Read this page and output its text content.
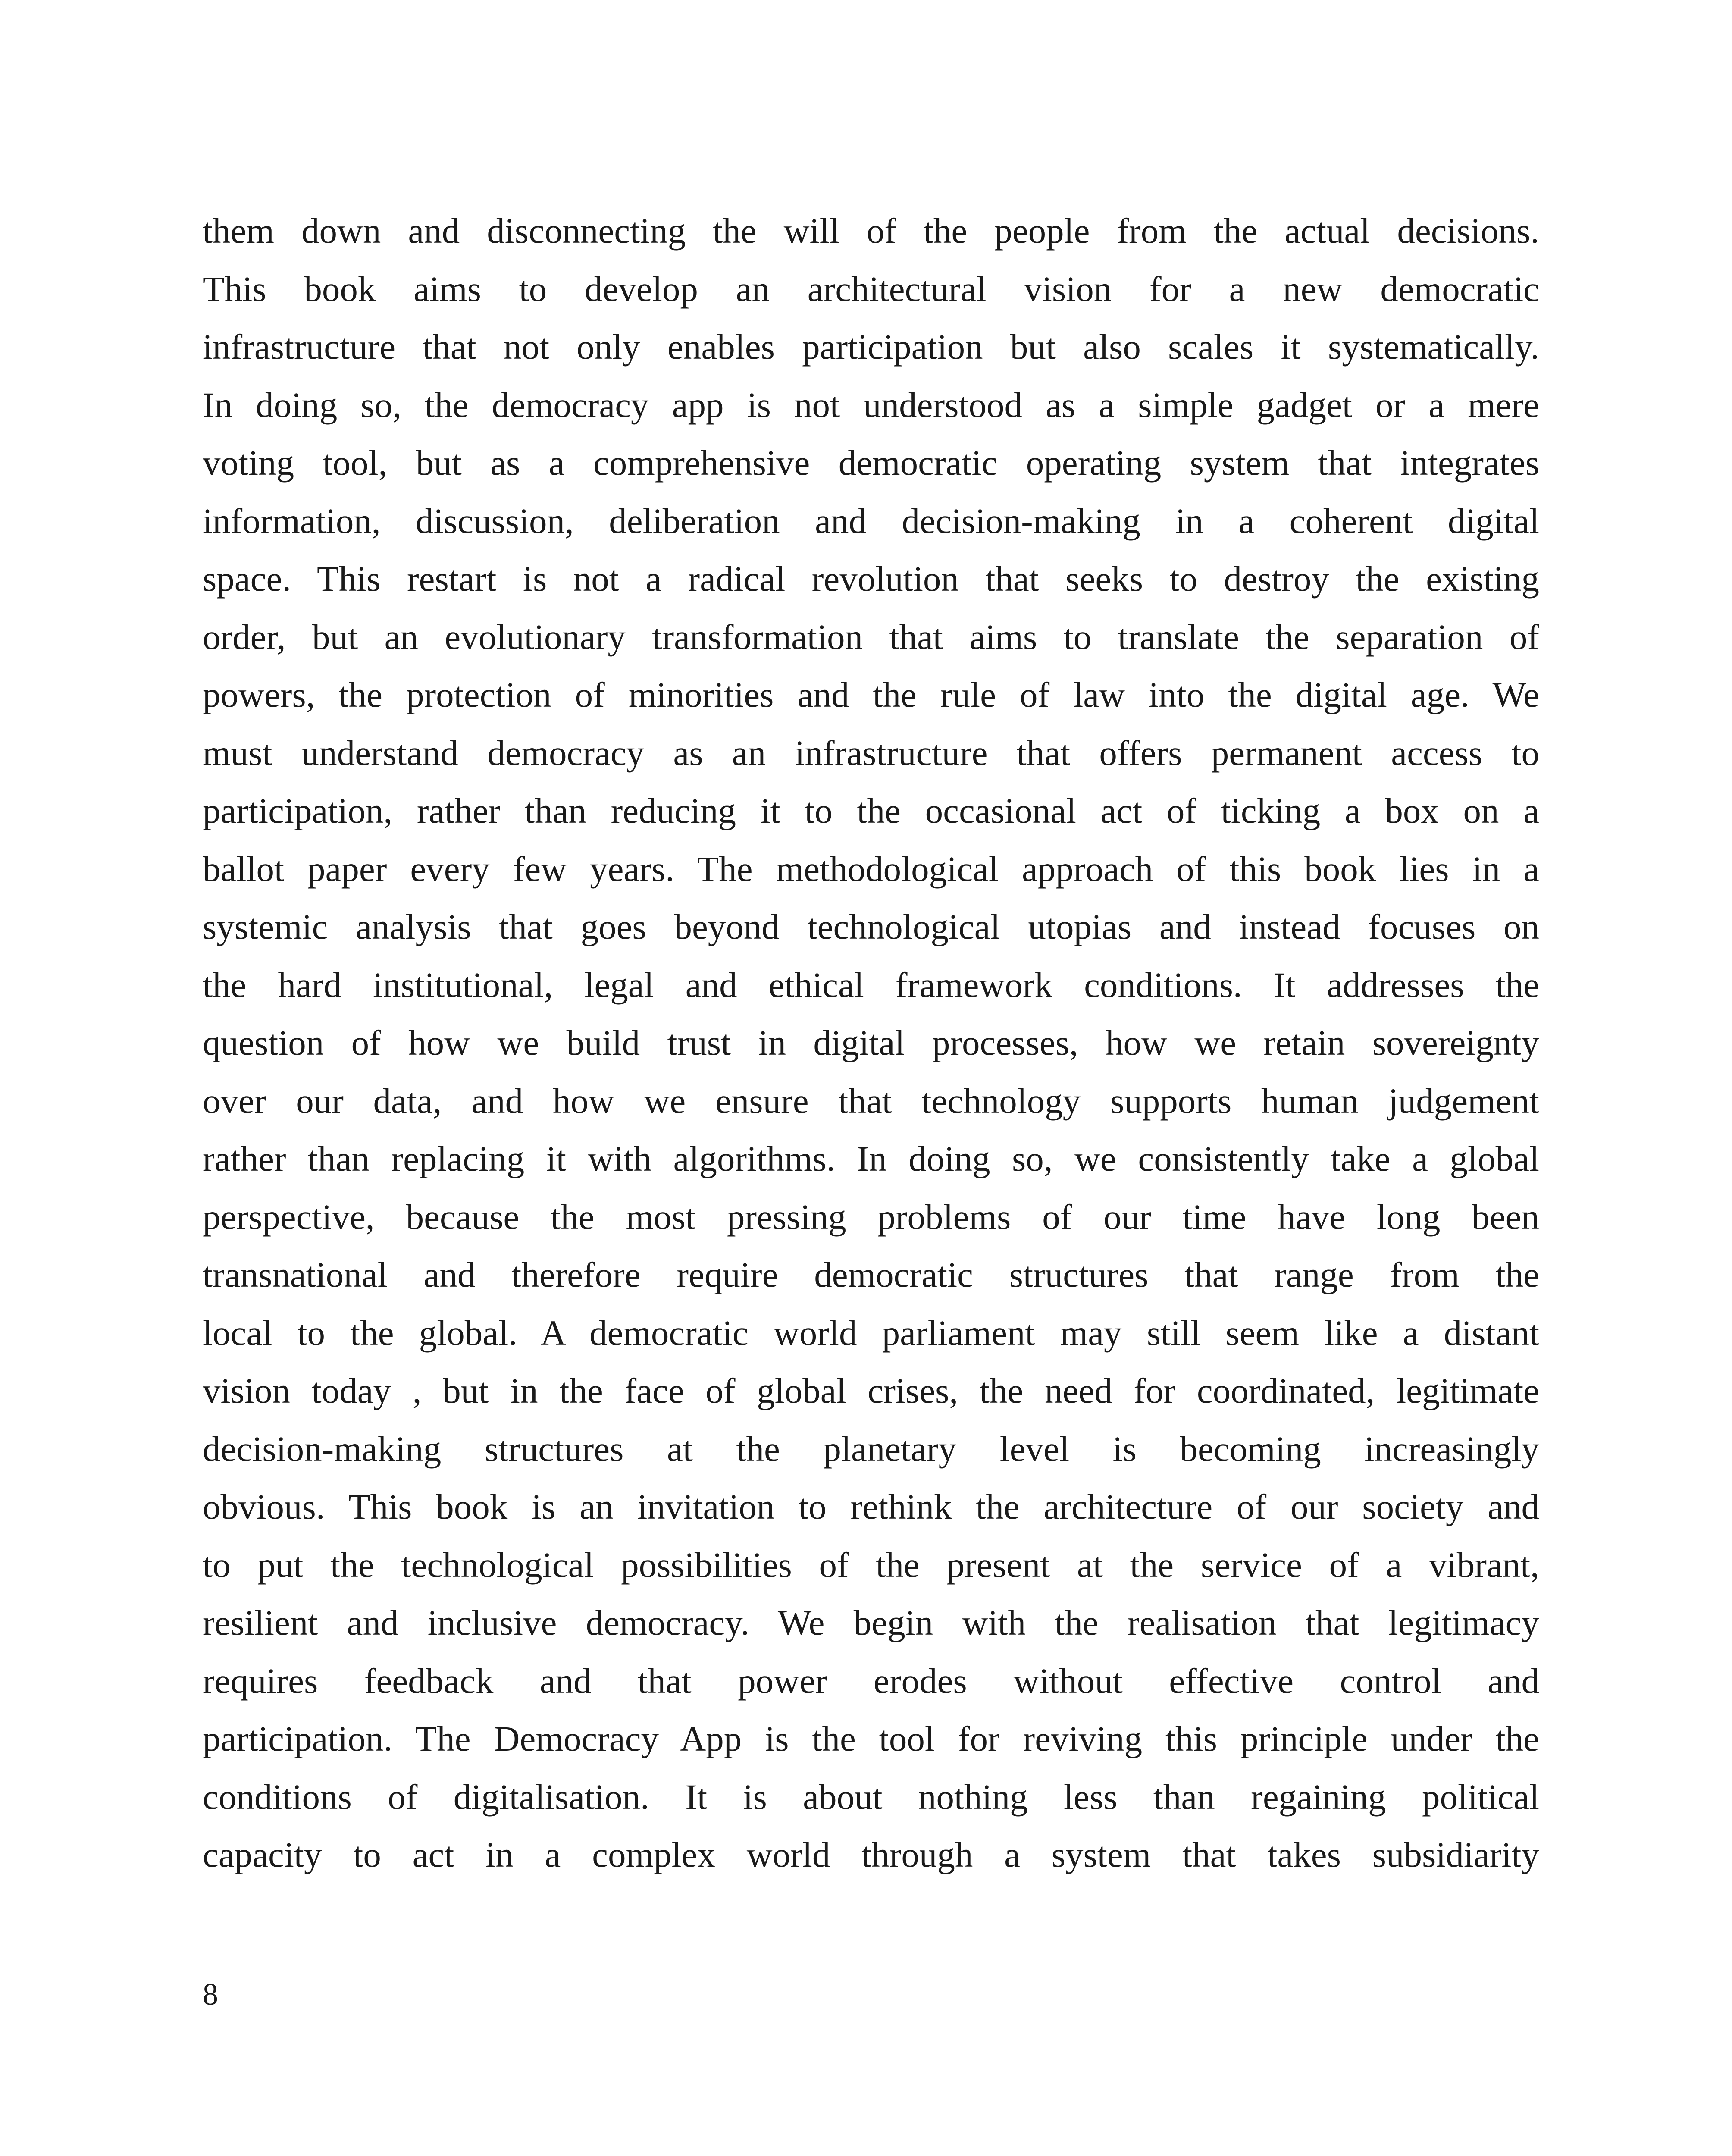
them down and disconnecting the will of the people from the actual decisions.
This book aims to develop an architectural vision for a new democratic
infrastructure that not only enables participation but also scales it systematically.
In doing so, the democracy app is not understood as a simple gadget or a mere
voting tool, but as a comprehensive democratic operating system that integrates
information, discussion, deliberation and decision-making in a coherent digital
space. This restart is not a radical revolution that seeks to destroy the existing
order, but an evolutionary transformation that aims to translate the separation of
powers, the protection of minorities and the rule of law into the digital age. We
must understand democracy as an infrastructure that offers permanent access to
participation, rather than reducing it to the occasional act of ticking a box on a
ballot paper every few years. The methodological approach of this book lies in a
systemic analysis that goes beyond technological utopias and instead focuses on
the hard institutional, legal and ethical framework conditions. It addresses the
question of how we build trust in digital processes, how we retain sovereignty
over our data, and how we ensure that technology supports human judgement
rather than replacing it with algorithms. In doing so, we consistently take a global
perspective, because the most pressing problems of our time have long been
transnational and therefore require democratic structures that range from the
local to the global. A democratic world parliament may still seem like a distant
vision today , but in the face of global crises, the need for coordinated, legitimate
decision-making structures at the planetary level is becoming increasingly
obvious. This book is an invitation to rethink the architecture of our society and
to put the technological possibilities of the present at the service of a vibrant,
resilient and inclusive democracy. We begin with the realisation that legitimacy
requires feedback and that power erodes without effective control and
participation. The Democracy App is the tool for reviving this principle under the
conditions of digitalisation. It is about nothing less than regaining political
capacity to act in a complex world through a system that takes subsidiarity
8
